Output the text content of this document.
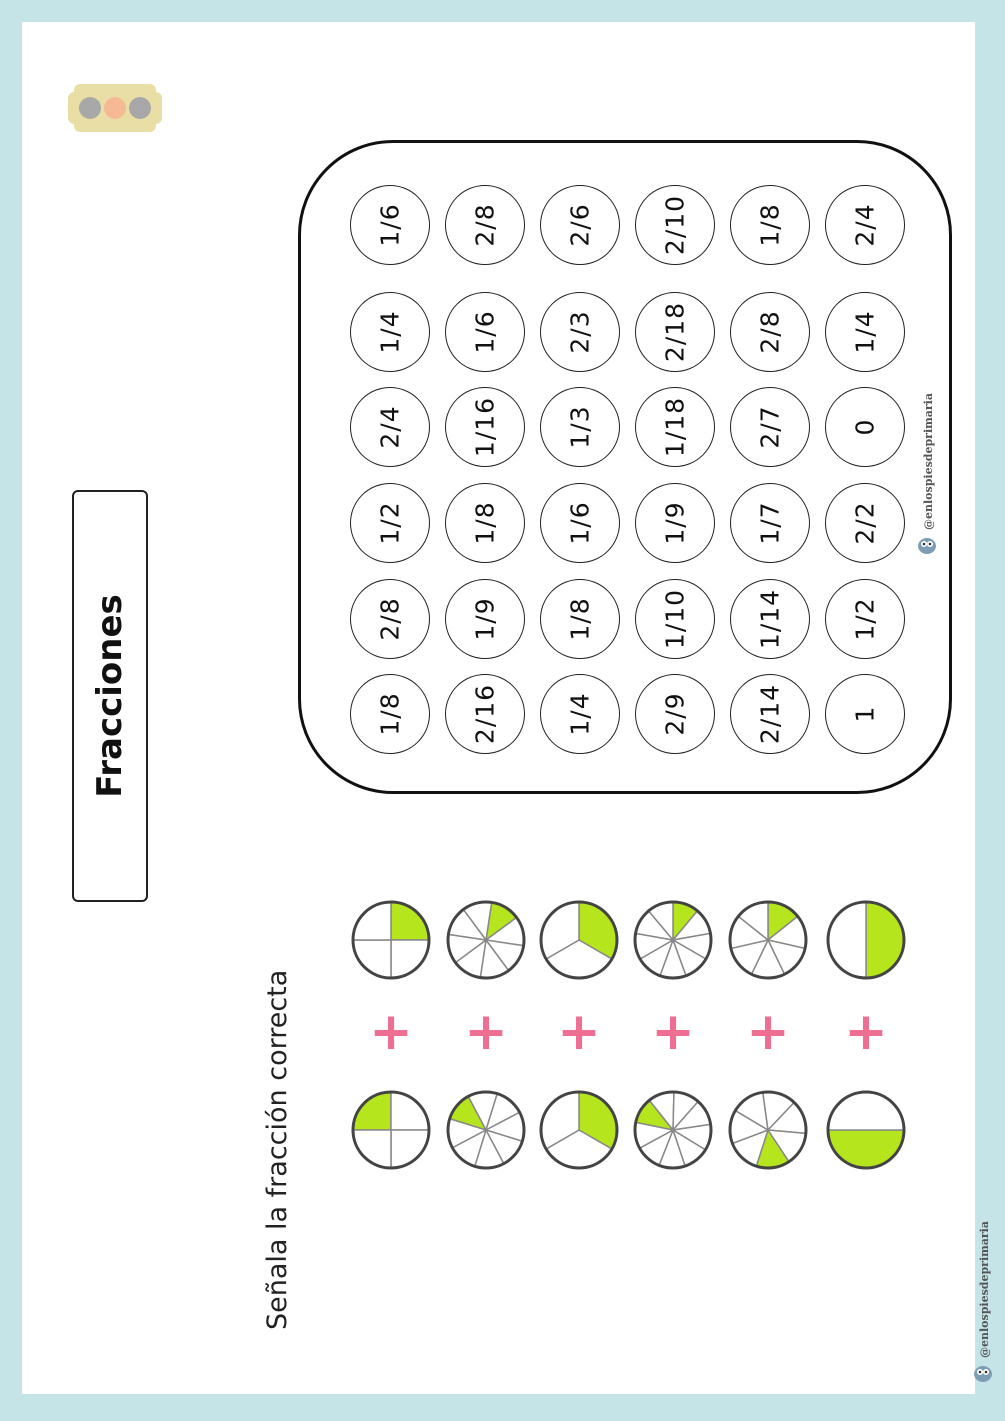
Fracciones	1/8
2/8
1/2
2/4
1/4
1/6
2/16
1/9
1/8
1/16
1/6
2/8
1/4
1/8
1/6
1/3
2/3
2/6
2/9
1/10
1/9
1/18
2/18
2/10
2/14
1/14
1/7
2/7
2/8
1/8
1
1/2
2/2
0
1/4
2/4
@enlospiesdeprimaria
@enlospiesdeprimaria
Señala la fracción correcta + + + + + +
